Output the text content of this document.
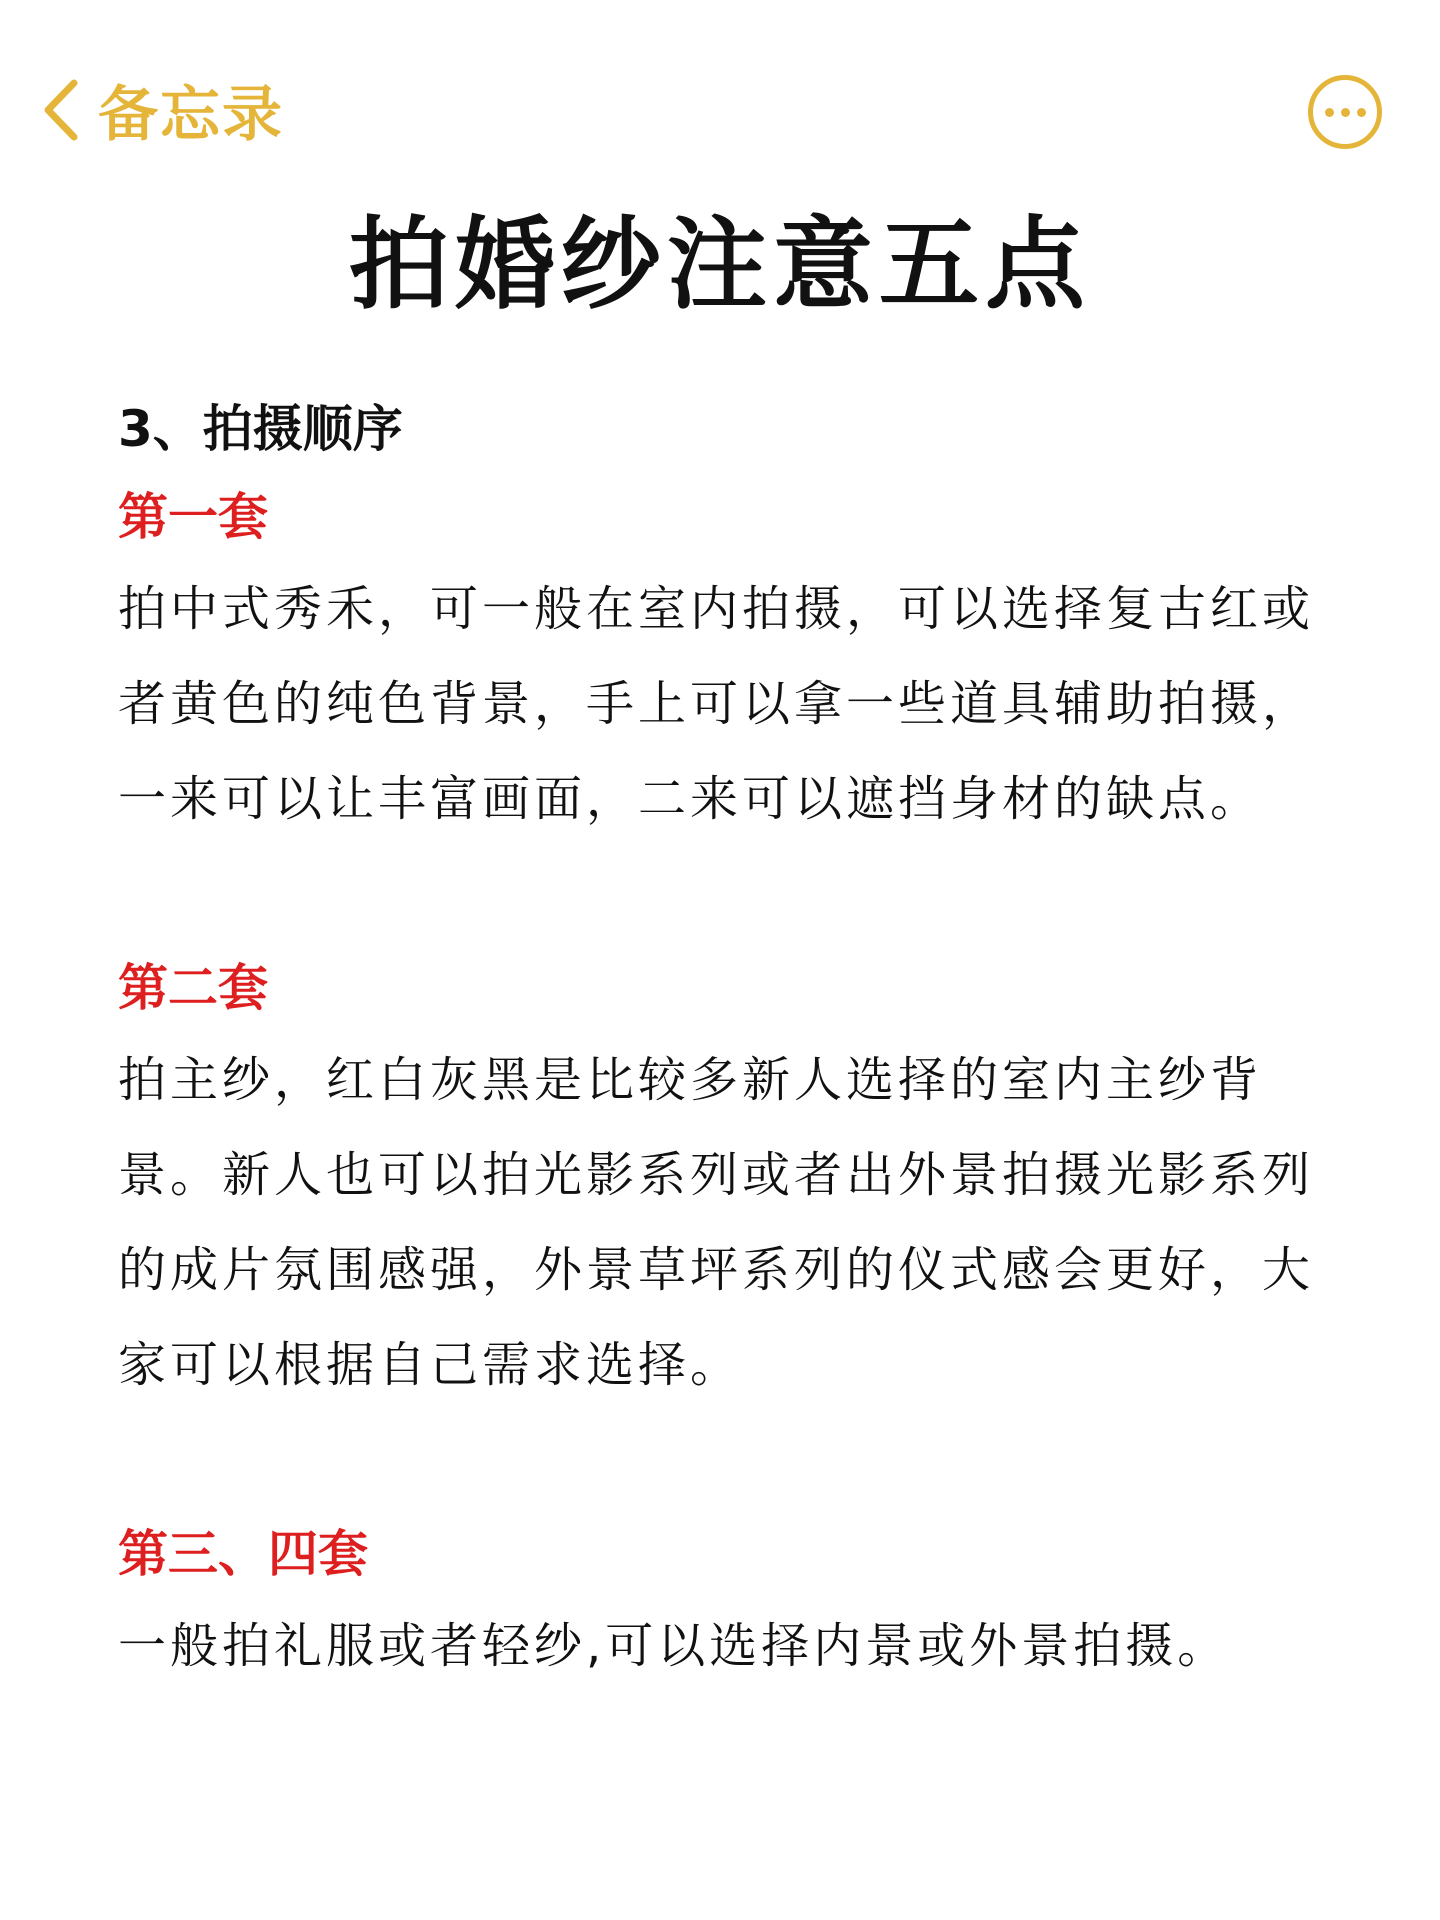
备忘录
拍婚纱注意五点
3、拍摄顺序
第一套
拍中式秀禾，可一般在室内拍摄，可以选择复古红或者黄色的纯色背景，手上可以拿一些道具辅助拍摄，一来可以让丰富画面，二来可以遮挡身材的缺点。
第二套
拍主纱，红白灰黑是比较多新人选择的室内主纱背景。新人也可以拍光影系列或者出外景拍摄光影系列的成片氛围感强，外景草坪系列的仪式感会更好，大家可以根据自己需求选择。
第三、四套
一般拍礼服或者轻纱,可以选择内景或外景拍摄。
